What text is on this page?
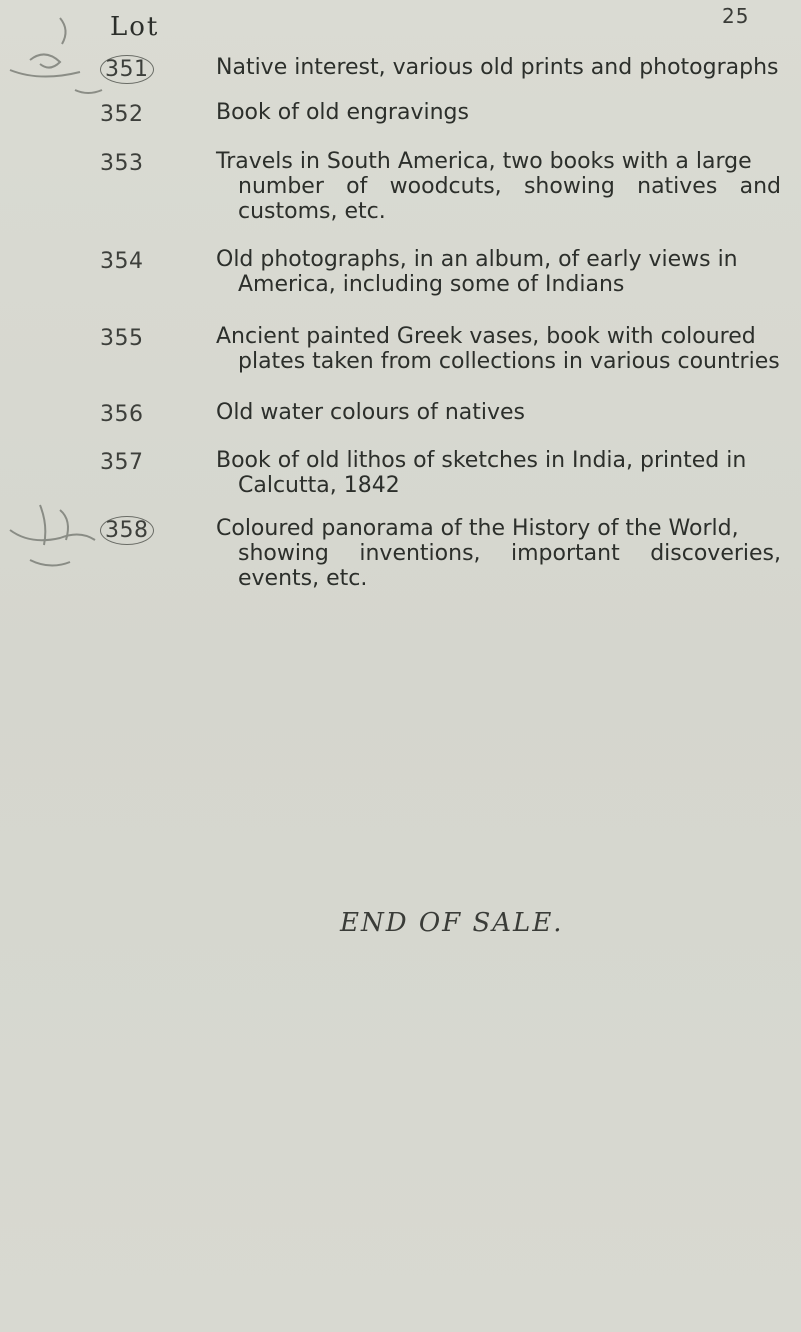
25
Lot
351	Native interest, various old prints and photographs
352	Book of old engravings
353	Travels in South America, two books with a large
number of woodcuts, showing natives and
customs, etc.
354	Old photographs, in an album, of early views in
America, including some of Indians
355	Ancient painted Greek vases, book with coloured
plates taken from collections in various countries
356	Old water colours of natives
357	Book of old lithos of sketches in India, printed in
Calcutta, 1842
358	Coloured panorama of the History of the World,
showing inventions, important discoveries,
events, etc.
END OF SALE.
